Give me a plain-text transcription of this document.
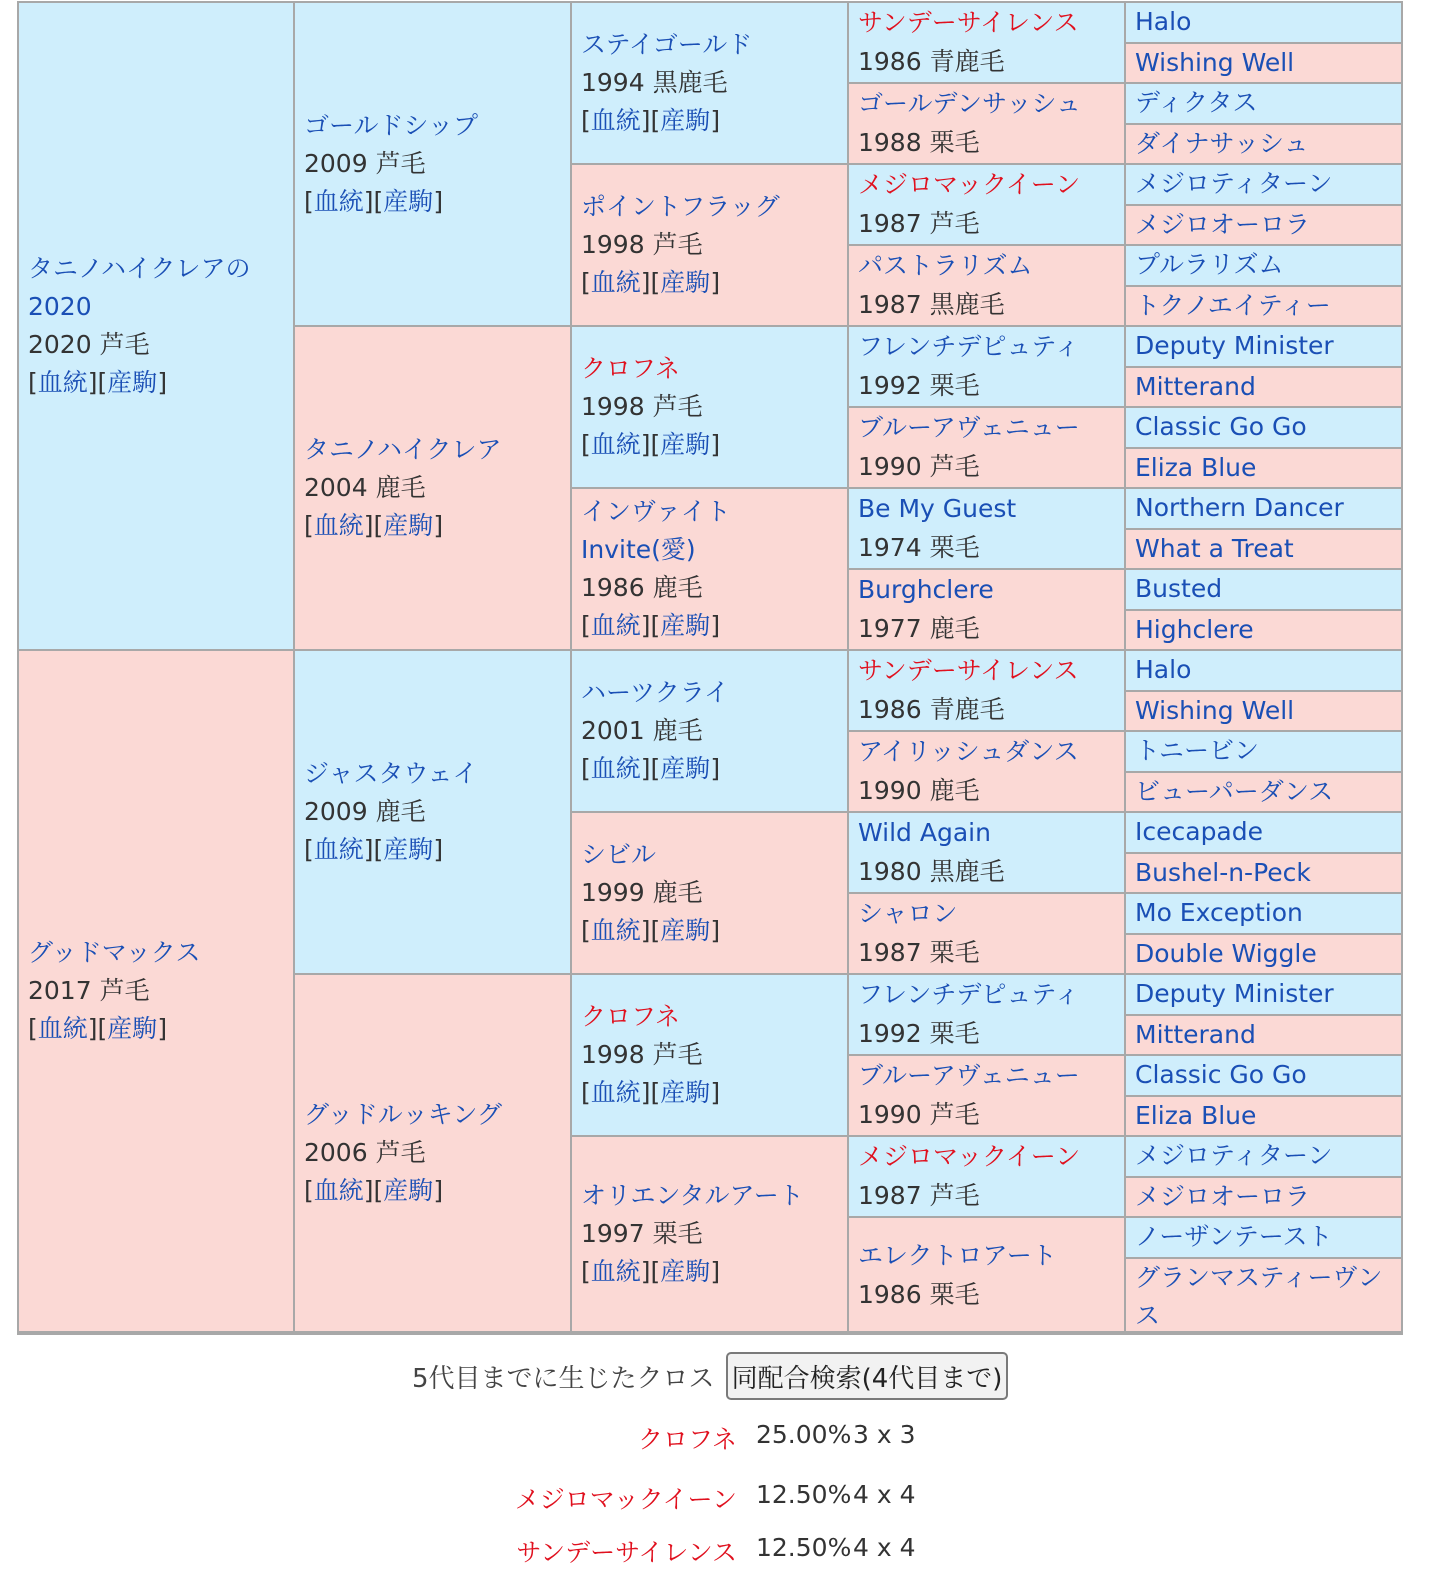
タニノハイクレアの2020
2020 芦毛
[血統][産駒]
グッドマックス
2017 芦毛
[血統][産駒]
ゴールドシップ
2009 芦毛
[血統][産駒]
タニノハイクレア
2004 鹿毛
[血統][産駒]
ジャスタウェイ
2009 鹿毛
[血統][産駒]
グッドルッキング
2006 芦毛
[血統][産駒]
ステイゴールド
1994 黒鹿毛
[血統][産駒]
ポイントフラッグ
1998 芦毛
[血統][産駒]
クロフネ
1998 芦毛
[血統][産駒]
インヴァイト
Invite(愛)
1986 鹿毛
[血統][産駒]
ハーツクライ
2001 鹿毛
[血統][産駒]
シビル
1999 鹿毛
[血統][産駒]
クロフネ
1998 芦毛
[血統][産駒]
オリエンタルアート
1997 栗毛
[血統][産駒]
サンデーサイレンス
1986 青鹿毛
ゴールデンサッシュ
1988 栗毛
メジロマックイーン
1987 芦毛
パストラリズム
1987 黒鹿毛
フレンチデピュティ
1992 栗毛
ブルーアヴェニュー
1990 芦毛
Be My Guest
1974 栗毛
Burghclere
1977 鹿毛
サンデーサイレンス
1986 青鹿毛
アイリッシュダンス
1990 鹿毛
Wild Again
1980 黒鹿毛
シャロン
1987 栗毛
フレンチデピュティ
1992 栗毛
ブルーアヴェニュー
1990 芦毛
メジロマックイーン
1987 芦毛
エレクトロアート
1986 栗毛
Halo
Wishing Well
ディクタス
ダイナサッシュ
メジロティターン
メジロオーロラ
プルラリズム
トクノエイティー
Deputy Minister
Mitterand
Classic Go Go
Eliza Blue
Northern Dancer
What a Treat
Busted
Highclere
Halo
Wishing Well
トニービン
ビューパーダンス
Icecapade
Bushel-n-Peck
Mo Exception
Double Wiggle
Deputy Minister
Mitterand
Classic Go Go
Eliza Blue
メジロティターン
メジロオーロラ
ノーザンテースト
グランマスティーヴンス
5代目までに生じたクロス 同配合検索(4代目まで)
クロフネ 25.00% 3 x 3
メジロマックイーン 12.50% 4 x 4
サンデーサイレンス 12.50% 4 x 4
